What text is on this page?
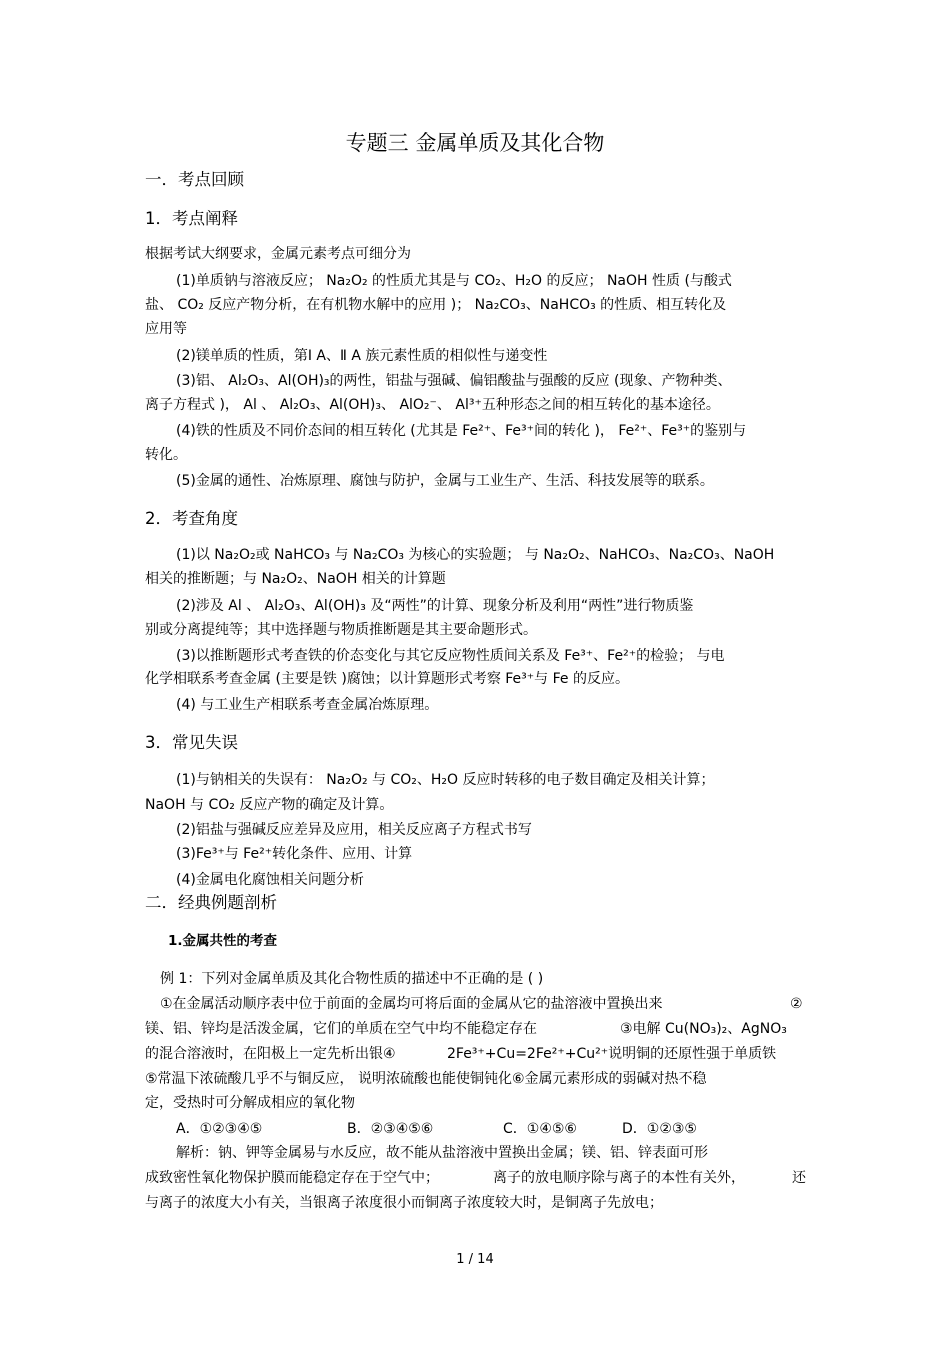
专题三 金属单质及其化合物
一．考点回顾
1．考点阐释
根据考试大纲要求，金属元素考点可细分为
(1)单质钠与溶液反应； Na₂O₂ 的性质尤其是与 CO₂、H₂O 的反应； NaOH 性质 (与酸式
盐、 CO₂ 反应产物分析，在有机物水解中的应用 )； Na₂CO₃、NaHCO₃ 的性质、相互转化及
应用等
(2)镁单质的性质，第Ⅰ A、Ⅱ A 族元素性质的相似性与递变性
(3)铝、 Al₂O₃、Al(OH)₃的两性，铝盐与强碱、偏铝酸盐与强酸的反应 (现象、产物种类、
离子方程式 )， Al 、 Al₂O₃、Al(OH)₃、 AlO₂⁻、 Al³⁺五种形态之间的相互转化的基本途径。
(4)铁的性质及不同价态间的相互转化 (尤其是 Fe²⁺、Fe³⁺间的转化 )， Fe²⁺、Fe³⁺的鉴别与
转化。
(5)金属的通性、冶炼原理、腐蚀与防护，金属与工业生产、生活、科技发展等的联系。
2．考查角度
(1)以 Na₂O₂或 NaHCO₃ 与 Na₂CO₃ 为核心的实验题； 与 Na₂O₂、NaHCO₃、Na₂CO₃、NaOH
相关的推断题；与 Na₂O₂、NaOH 相关的计算题
(2)涉及 Al 、 Al₂O₃、Al(OH)₃ 及“两性”的计算、现象分析及利用“两性”进行物质鉴
别或分离提纯等；其中选择题与物质推断题是其主要命题形式。
(3)以推断题形式考查铁的价态变化与其它反应物性质间关系及 Fe³⁺、Fe²⁺的检验； 与电
化学相联系考查金属 (主要是铁 )腐蚀；以计算题形式考察 Fe³⁺与 Fe 的反应。
(4) 与工业生产相联系考查金属冶炼原理。
3．常见失误
(1)与钠相关的失误有： Na₂O₂ 与 CO₂、H₂O 反应时转移的电子数目确定及相关计算；
NaOH 与 CO₂ 反应产物的确定及计算。
(2)铝盐与强碱反应差异及应用，相关反应离子方程式书写
(3)Fe³⁺与 Fe²⁺转化条件、应用、计算
(4)金属电化腐蚀相关问题分析
二．经典例题剖析
1.金属共性的考查
例 1：下列对金属单质及其化合物性质的描述中不正确的是 ( )
①在金属活动顺序表中位于前面的金属均可将后面的金属从它的盐溶液中置换出来	②
镁、铝、锌均是活泼金属，它们的单质在空气中均不能稳定存在	③电解 Cu(NO₃)₂、AgNO₃
的混合溶液时，在阳极上一定先析出银④	2Fe³⁺+Cu=2Fe²⁺+Cu²⁺说明铜的还原性强于单质铁
⑤常温下浓硫酸几乎不与铜反应， 说明浓硫酸也能使铜钝化⑥金属元素形成的弱碱对热不稳
定，受热时可分解成相应的氧化物
A．①②③④⑤	B．②③④⑤⑥	C．①④⑤⑥	D．①②③⑤
解析：钠、钾等金属易与水反应，故不能从盐溶液中置换出金属；镁、铝、锌表面可形
成致密性氧化物保护膜而能稳定存在于空气中；	离子的放电顺序除与离子的本性有关外，	还
与离子的浓度大小有关，当银离子浓度很小而铜离子浓度较大时，是铜离子先放电；
1 / 14
